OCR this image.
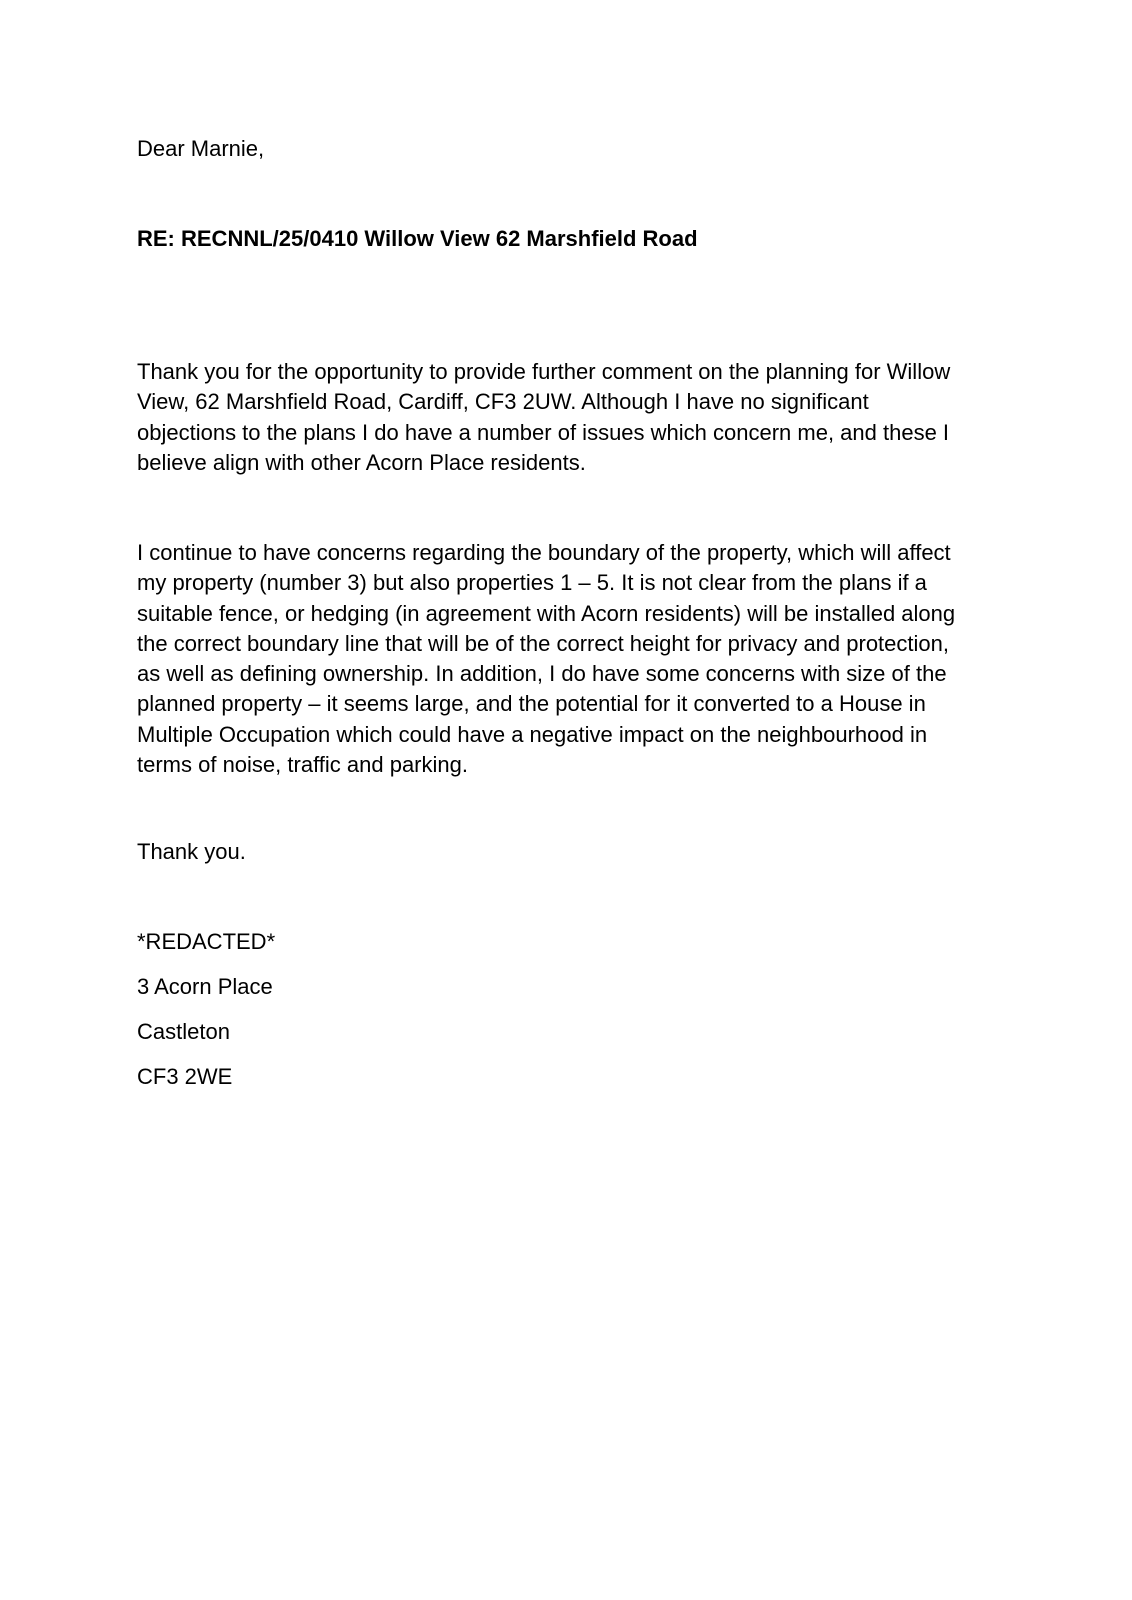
Dear Marnie,

RE: RECNNL/25/0410 Willow View 62 Marshfield Road

Thank you for the opportunity to provide further comment on the planning for Willow
View, 62 Marshfield Road, Cardiff, CF3 2UW. Although I have no significant
objections to the plans I do have a number of issues which concern me, and these I
believe align with other Acorn Place residents.
I continue to have concerns regarding the boundary of the property, which will affect
my property (number 3) but also properties 1 – 5. It is not clear from the plans if a
suitable fence, or hedging (in agreement with Acorn residents) will be installed along
the correct boundary line that will be of the correct height for privacy and protection,
as well as defining ownership. In addition, I do have some concerns with size of the
planned property – it seems large, and the potential for it converted to a House in
Multiple Occupation which could have a negative impact on the neighbourhood in
terms of noise, traffic and parking.

Thank you.

*REDACTED*

3 Acorn Place

Castleton

CF3 2WE
